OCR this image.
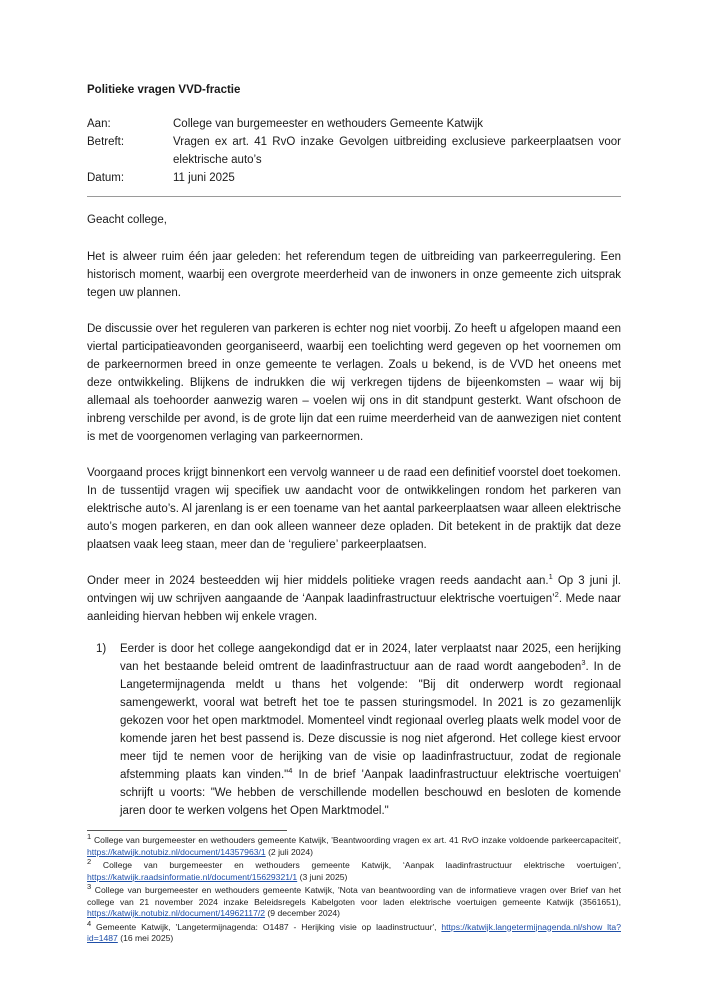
Politieke vragen VVD-fractie
Aan:	College van burgemeester en wethouders Gemeente Katwijk
Betreft:	Vragen ex art. 41 RvO inzake Gevolgen uitbreiding exclusieve parkeerplaatsen voor elektrische auto’s
Datum:	11 juni 2025

Geacht college,

Het is alweer ruim één jaar geleden: het referendum tegen de uitbreiding van parkeerregulering. Een historisch moment, waarbij een overgrote meerderheid van de inwoners in onze gemeente zich uitsprak tegen uw plannen.

De discussie over het reguleren van parkeren is echter nog niet voorbij. Zo heeft u afgelopen maand een viertal participatieavonden georganiseerd, waarbij een toelichting werd gegeven op het voornemen om de parkeernormen breed in onze gemeente te verlagen. Zoals u bekend, is de VVD het oneens met deze ontwikkeling. Blijkens de indrukken die wij verkregen tijdens de bijeenkomsten – waar wij bij allemaal als toehoorder aanwezig waren – voelen wij ons in dit standpunt gesterkt. Want ofschoon de inbreng verschilde per avond, is de grote lijn dat een ruime meerderheid van de aanwezigen niet content is met de voorgenomen verlaging van parkeernormen.

Voorgaand proces krijgt binnenkort een vervolg wanneer u de raad een definitief voorstel doet toekomen. In de tussentijd vragen wij specifiek uw aandacht voor de ontwikkelingen rondom het parkeren van elektrische auto’s. Al jarenlang is er een toename van het aantal parkeerplaatsen waar alleen elektrische auto’s mogen parkeren, en dan ook alleen wanneer deze opladen. Dit betekent in de praktijk dat deze plaatsen vaak leeg staan, meer dan de ‘reguliere’ parkeerplaatsen.

Onder meer in 2024 besteedden wij hier middels politieke vragen reeds aandacht aan.$^1$ Op 3 juni jl. ontvingen wij uw schrijven aangaande de ‘Aanpak laadinfrastructuur elektrische voertuigen’$^2$. Mede naar aanleiding hiervan hebben wij enkele vragen.

1)	Eerder is door het college aangekondigd dat er in 2024, later verplaatst naar 2025, een herijking van het bestaande beleid omtrent de laadinfrastructuur aan de raad wordt aangeboden$^3$. In de Langetermijnagenda meldt u thans het volgende: "Bij dit onderwerp wordt regionaal samengewerkt, vooral wat betreft het toe te passen sturingsmodel. In 2021 is zo gezamenlijk gekozen voor het open marktmodel. Momenteel vindt regionaal overleg plaats welk model voor de komende jaren het best passend is. Deze discussie is nog niet afgerond. Het college kiest ervoor meer tijd te nemen voor de herijking van de visie op laadinfrastructuur, zodat de regionale afstemming plaats kan vinden."$^4$ In de brief 'Aanpak laadinfrastructuur elektrische voertuigen' schrijft u voorts: "We hebben de verschillende modellen beschouwd en besloten de komende jaren door te werken volgens het Open Marktmodel."
$^1$ College van burgemeester en wethouders gemeente Katwijk, 'Beantwoording vragen ex art. 41 RvO inzake voldoende parkeercapaciteit', https://katwijk.notubiz.nl/document/14357963/1 (2 juli 2024)
$^2$ College van burgemeester en wethouders gemeente Katwijk, ‘Aanpak laadinfrastructuur elektrische voertuigen’, https://katwijk.raadsinformatie.nl/document/15629321/1 (3 juni 2025)
$^3$ College van burgemeester en wethouders gemeente Katwijk, 'Nota van beantwoording van de informatieve vragen over Brief van het college van 21 november 2024 inzake Beleidsregels Kabelgoten voor laden elektrische voertuigen gemeente Katwijk (3561651), https://katwijk.notubiz.nl/document/14962117/2 (9 december 2024)
$^4$ Gemeente Katwijk, 'Langetermijnagenda: O1487 - Herijking visie op laadinstructuur', https://katwijk.langetermijnagenda.nl/show_lta?id=1487 (16 mei 2025)
